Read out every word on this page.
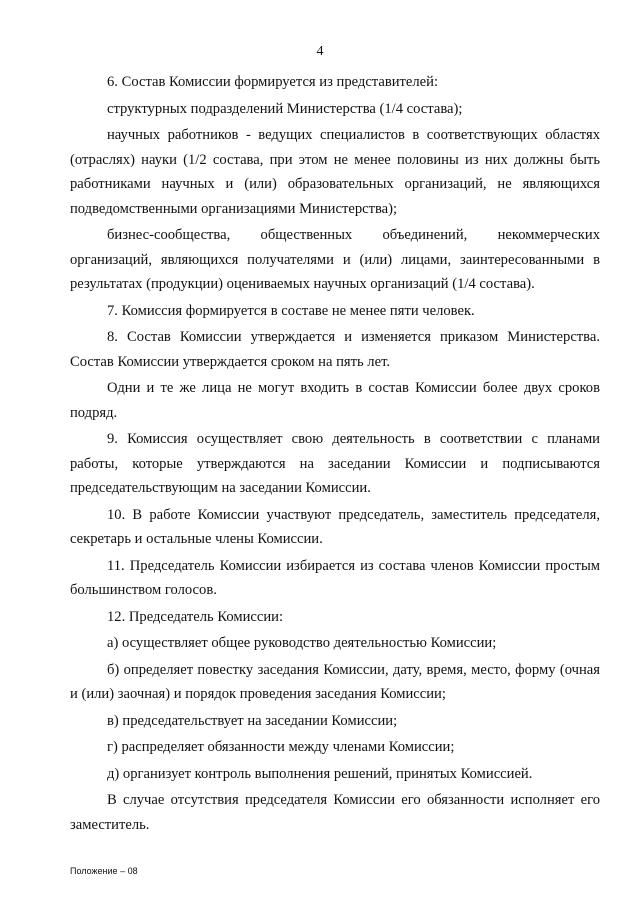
4

6. Состав Комиссии формируется из представителей:

структурных подразделений Министерства (1/4 состава);

научных работников - ведущих специалистов в соответствующих областях (отраслях) науки (1/2 состава, при этом не менее половины из них должны быть работниками научных и (или) образовательных организаций, не являющихся подведомственными организациями Министерства);

бизнес-сообщества, общественных объединений, некоммерческих организаций, являющихся получателями и (или) лицами, заинтересованными в результатах (продукции) оцениваемых научных организаций (1/4 состава).

7. Комиссия формируется в составе не менее пяти человек.

8. Состав Комиссии утверждается и изменяется приказом Министерства. Состав Комиссии утверждается сроком на пять лет.

Одни и те же лица не могут входить в состав Комиссии более двух сроков подряд.

9. Комиссия осуществляет свою деятельность в соответствии с планами работы, которые утверждаются на заседании Комиссии и подписываются председательствующим на заседании Комиссии.

10. В работе Комиссии участвуют председатель, заместитель председателя, секретарь и остальные члены Комиссии.

11. Председатель Комиссии избирается из состава членов Комиссии простым большинством голосов.

12. Председатель Комиссии:

а) осуществляет общее руководство деятельностью Комиссии;

б) определяет повестку заседания Комиссии, дату, время, место, форму (очная и (или) заочная) и порядок проведения заседания Комиссии;

в) председательствует на заседании Комиссии;

г) распределяет обязанности между членами Комиссии;

д) организует контроль выполнения решений, принятых Комиссией.

В случае отсутствия председателя Комиссии его обязанности исполняет его заместитель.

Положение – 08
